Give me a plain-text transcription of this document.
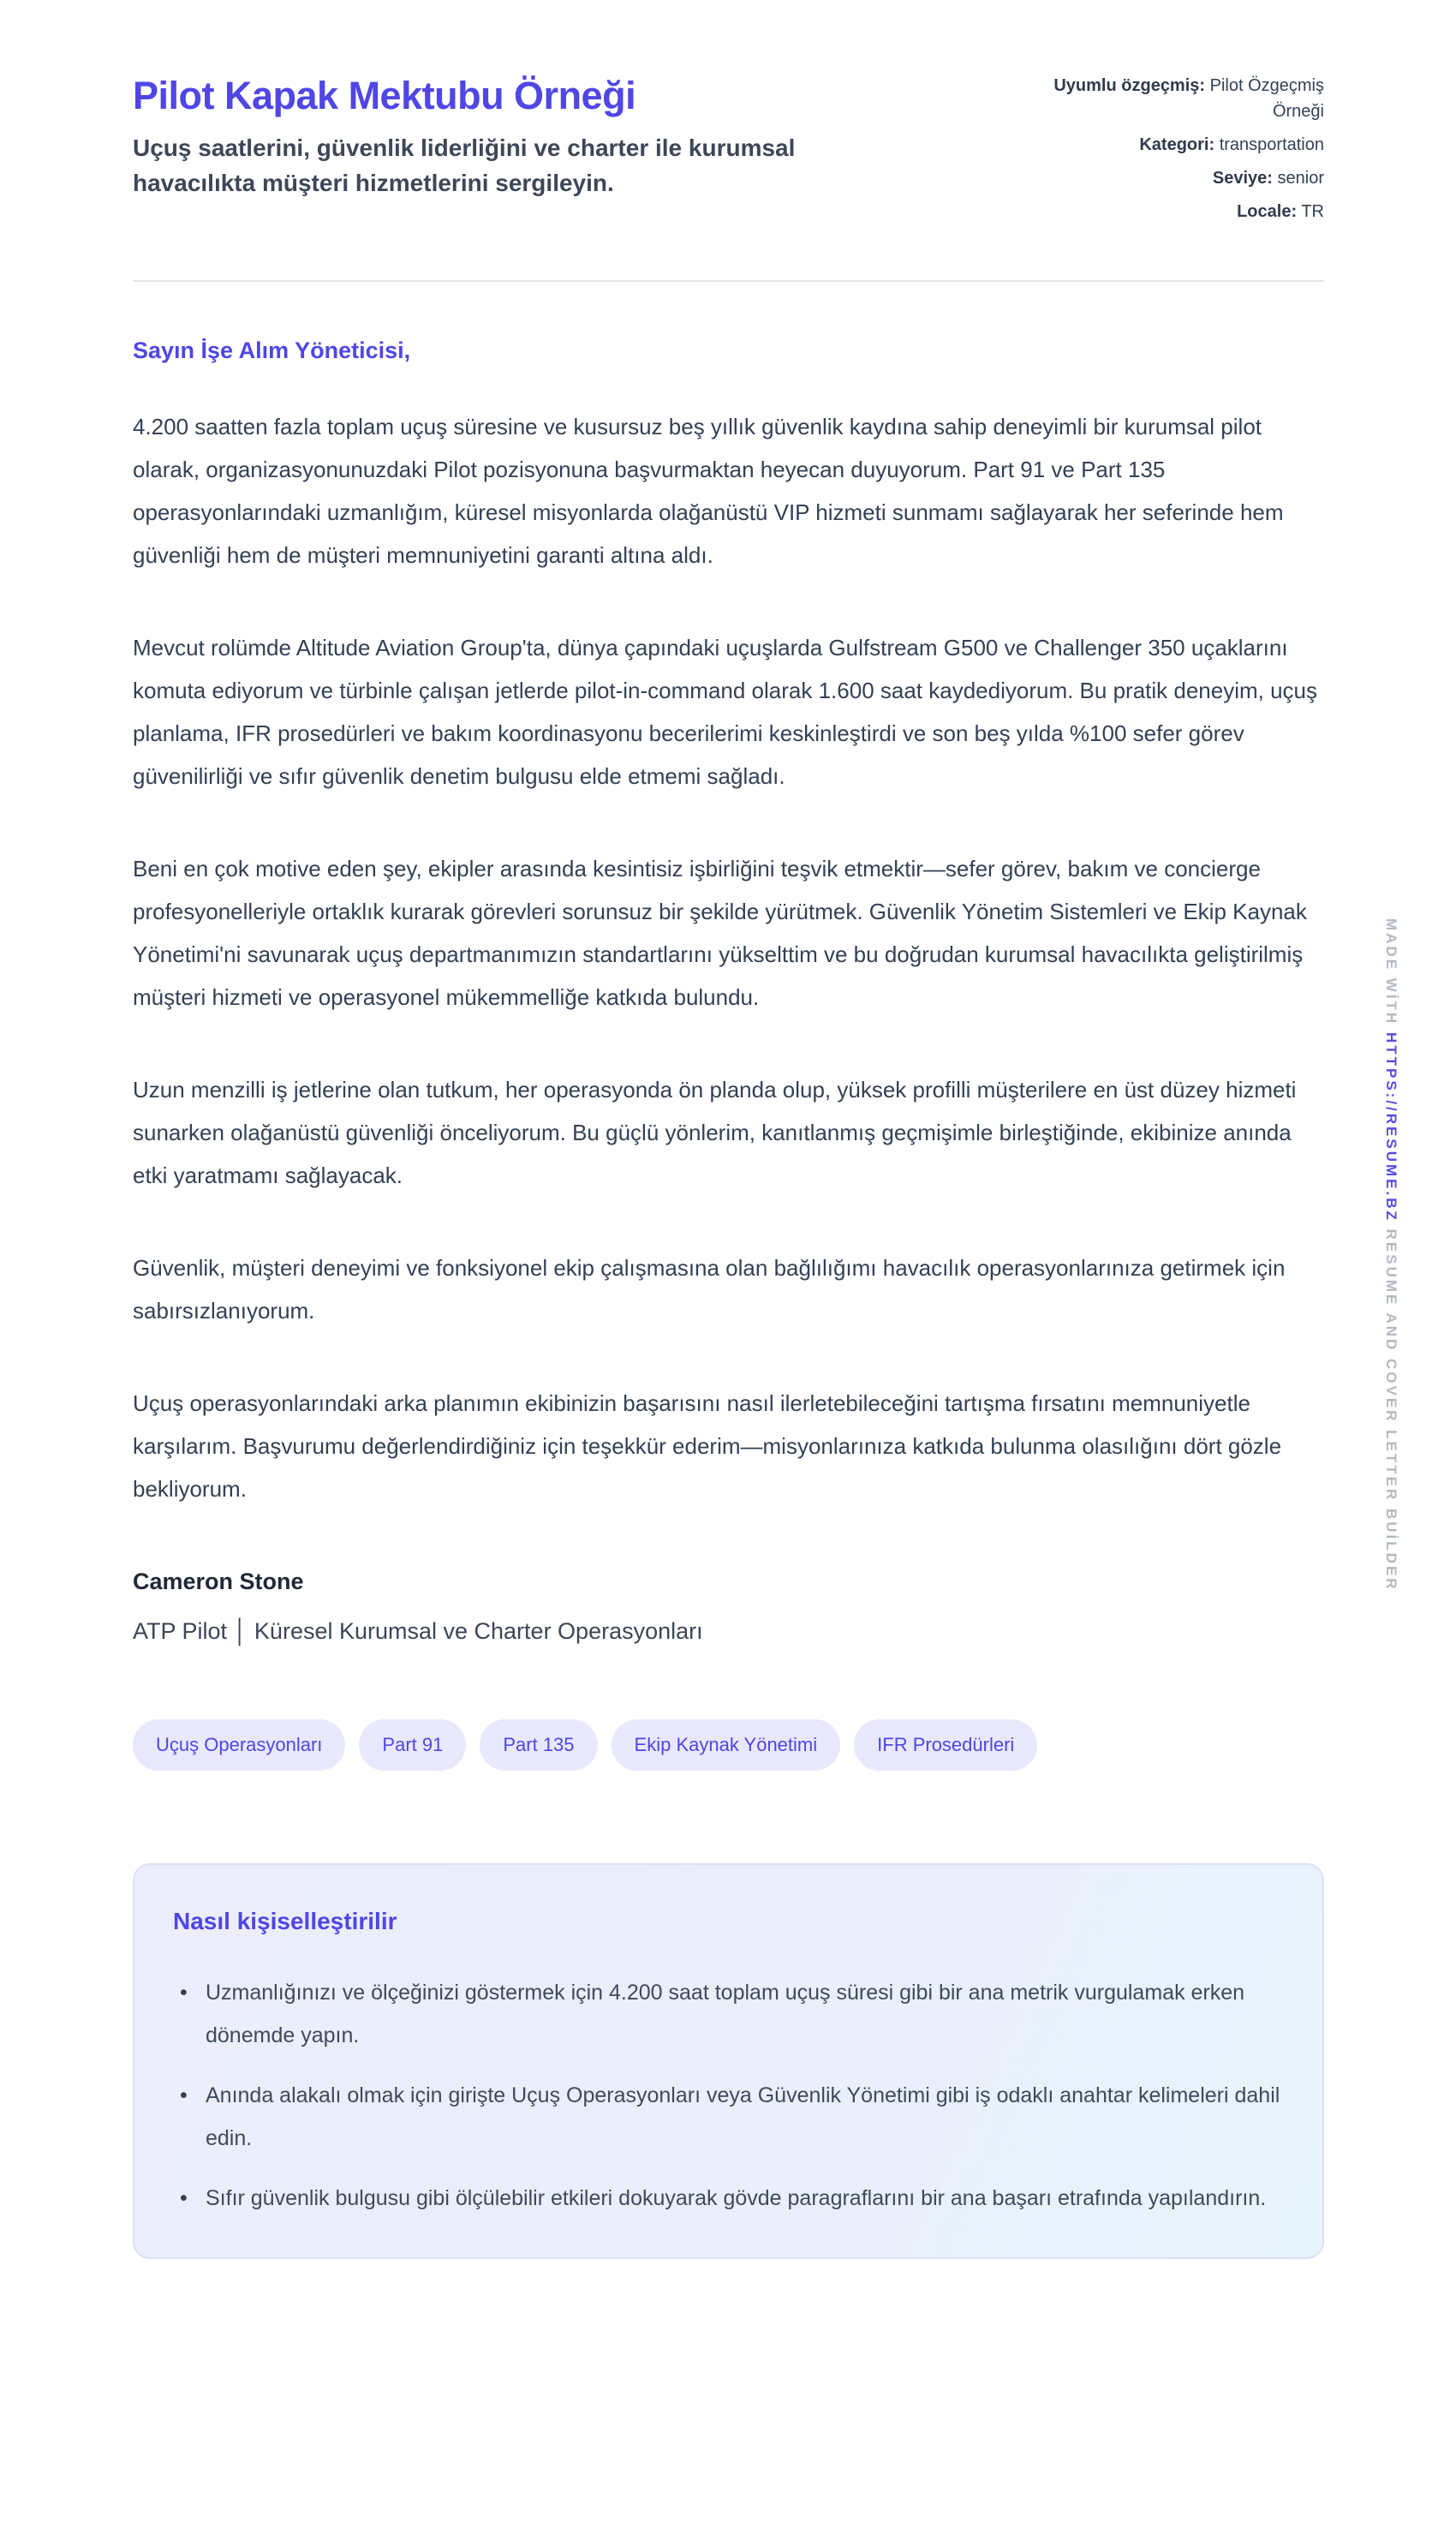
Pilot Kapak Mektubu Örneği

Uçuş saatlerini, güvenlik liderliğini ve charter ile kurumsal havacılıkta müşteri hizmetlerini sergileyin.

Uyumlu özgeçmiş: Pilot Özgeçmiş Örneği
Kategori: transportation
Seviye: senior
Locale: TR

Sayın İşe Alım Yöneticisi,

4.200 saatten fazla toplam uçuş süresine ve kusursuz beş yıllık güvenlik kaydına sahip deneyimli bir kurumsal pilot olarak, organizasyonunuzdaki Pilot pozisyonuna başvurmaktan heyecan duyuyorum. Part 91 ve Part 135 operasyonlarındaki uzmanlığım, küresel misyonlarda olağanüstü VIP hizmeti sunmamı sağlayarak her seferinde hem güvenliği hem de müşteri memnuniyetini garanti altına aldı.

Mevcut rolümde Altitude Aviation Group'ta, dünya çapındaki uçuşlarda Gulfstream G500 ve Challenger 350 uçaklarını komuta ediyorum ve türbinle çalışan jetlerde pilot-in-command olarak 1.600 saat kaydediyorum. Bu pratik deneyim, uçuş planlama, IFR prosedürleri ve bakım koordinasyonu becerilerimi keskinleştirdi ve son beş yılda %100 sefer görev güvenilirliği ve sıfır güvenlik denetim bulgusu elde etmemi sağladı.

Beni en çok motive eden şey, ekipler arasında kesintisiz işbirliğini teşvik etmektir—sefer görev, bakım ve concierge profesyonelleriyle ortaklık kurarak görevleri sorunsuz bir şekilde yürütmek. Güvenlik Yönetim Sistemleri ve Ekip Kaynak Yönetimi'ni savunarak uçuş departmanımızın standartlarını yükselttim ve bu doğrudan kurumsal havacılıkta geliştirilmiş müşteri hizmeti ve operasyonel mükemmelliğe katkıda bulundu.

Uzun menzilli iş jetlerine olan tutkum, her operasyonda ön planda olup, yüksek profilli müşterilere en üst düzey hizmeti sunarken olağanüstü güvenliği önceliyorum. Bu güçlü yönlerim, kanıtlanmış geçmişimle birleştiğinde, ekibinize anında etki yaratmamı sağlayacak.

Güvenlik, müşteri deneyimi ve fonksiyonel ekip çalışmasına olan bağlılığımı havacılık operasyonlarınıza getirmek için sabırsızlanıyorum.

Uçuş operasyonlarındaki arka planımın ekibinizin başarısını nasıl ilerletebileceğini tartışma fırsatını memnuniyetle karşılarım. Başvurumu değerlendirdiğiniz için teşekkür ederim—misyonlarınıza katkıda bulunma olasılığını dört gözle bekliyorum.

Cameron Stone

ATP Pilot │ Küresel Kurumsal ve Charter Operasyonları

Uçuş Operasyonları	Part 91	Part 135	Ekip Kaynak Yönetimi	IFR Prosedürleri
Nasıl kişiselleştirilir
• Uzmanlığınızı ve ölçeğinizi göstermek için 4.200 saat toplam uçuş süresi gibi bir ana metrik vurgulamak erken dönemde yapın.
• Anında alakalı olmak için girişte Uçuş Operasyonları veya Güvenlik Yönetimi gibi iş odaklı anahtar kelimeleri dahil edin.
• Sıfır güvenlik bulgusu gibi ölçülebilir etkileri dokuyarak gövde paragraflarını bir ana başarı etrafında yapılandırın.
MADE WİTH HTTPS://RESUME.BZ RESUME AND COVER LETTER BUİLDER
